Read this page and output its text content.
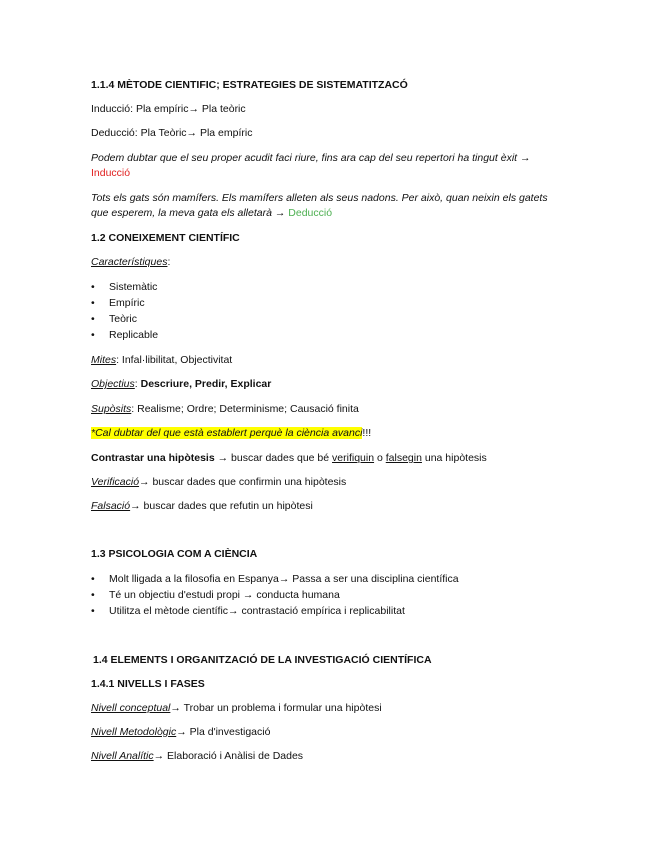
1.1.4 MÈTODE CIENTIFIC; ESTRATEGIES DE SISTEMATITZACÓ
Inducció: Pla empíric→ Pla teòric
Deducció: Pla Teòric→ Pla empíric
Podem dubtar que el seu proper acudit faci riure, fins ara cap del seu repertori ha tingut èxit →
Inducció
Tots els gats són mamífers. Els mamífers alleten als seus nadons. Per això, quan neixin els gatets
que esperem, la meva gata els alletarà → Deducció
1.2 CONEIXEMENT CIENTÍFIC
Característiques:
• Sistemàtic
• Empíric
• Teòric
• Replicable
Mites: Infal·libilitat, Objectivitat
Objectius: Descriure, Predir, Explicar
Supòsits: Realisme; Ordre; Determinisme; Causació finita
*Cal dubtar del que està establert perquè la ciència avanci!!!
Contrastar una hipòtesis → buscar dades que bé verifiquin o falsegin una hipòtesis
Verificació→ buscar dades que confirmin una hipòtesis
Falsació→ buscar dades que refutin un hipòtesi
1.3 PSICOLOGIA COM A CIÈNCIA
• Molt lligada a la filosofia en Espanya→ Passa a ser una disciplina científica
• Té un objectiu d'estudi propi → conducta humana
• Utilitza el mètode científic→ contrastació empírica i replicabilitat
1.4 ELEMENTS I ORGANITZACIÓ DE LA INVESTIGACIÓ CIENTÍFICA
1.4.1 NIVELLS I FASES
Nivell conceptual→ Trobar un problema i formular una hipòtesi
Nivell Metodològic→ Pla d'investigació
Nivell Analític→ Elaboració i Anàlisi de Dades
